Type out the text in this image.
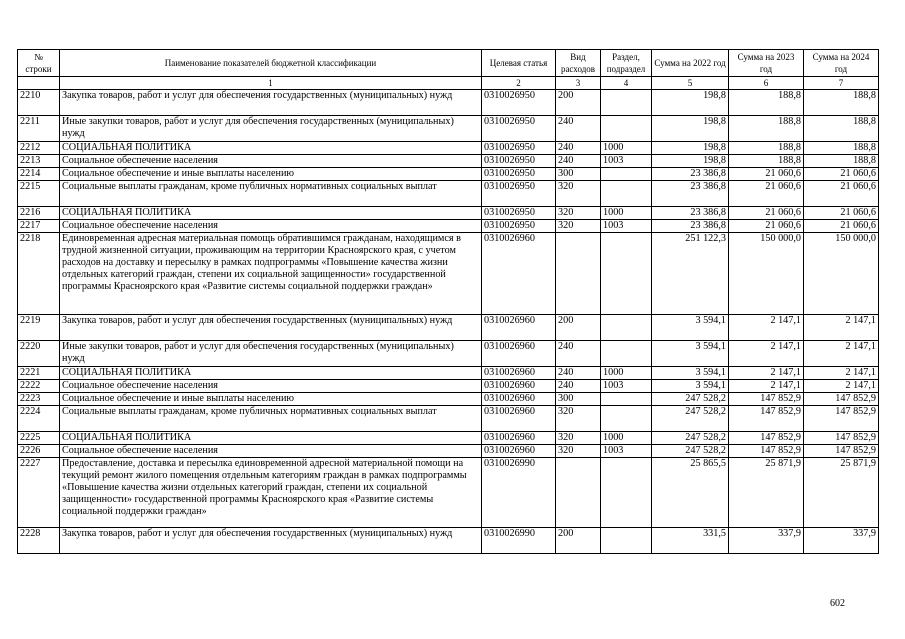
№ строки	Паименование показателей бюджетной классификации	Целевая статья	Вид расходов	Раздел, подраздел	Сумма на 2022 год	Сумма на 2023 год	Сумма на 2024 год
	1	2	3	4	5	6	7
2210	Закупка товаров, работ и услуг для обеспечения государственных (муниципальных) нужд	0310026950	200		198,8	188,8	188,8
2211	Иные закупки товаров, работ и услуг для обеспечения государственных (муниципальных) нужд	0310026950	240		198,8	188,8	188,8
2212	СОЦИАЛЬНАЯ ПОЛИТИКА	0310026950	240	1000	198,8	188,8	188,8
2213	Социальное обеспечение населения	0310026950	240	1003	198,8	188,8	188,8
2214	Социальное обеспечение и иные выплаты населению	0310026950	300		23 386,8	21 060,6	21 060,6
2215	Социальные выплаты гражданам, кроме публичных нормативных социальных выплат	0310026950	320		23 386,8	21 060,6	21 060,6
2216	СОЦИАЛЬНАЯ ПОЛИТИКА	0310026950	320	1000	23 386,8	21 060,6	21 060,6
2217	Социальное обеспечение населения	0310026950	320	1003	23 386,8	21 060,6	21 060,6
2218	Единовременная адресная материальная помощь обратившимся гражданам, находящимся в трудной жизненной ситуации, проживающим на территории Красноярского края, с учетом расходов на доставку и пересылку в рамках подпрограммы «Повышение качества жизни отдельных категорий граждан, степени их социальной защищенности» государственной программы Красноярского края «Развитие системы социальной поддержки граждан»	0310026960			251 122,3	150 000,0	150 000,0
2219	Закупка товаров, работ и услуг для обеспечения государственных (муниципальных) нужд	0310026960	200		3 594,1	2 147,1	2 147,1
2220	Иные закупки товаров, работ и услуг для обеспечения государственных (муниципальных) нужд	0310026960	240		3 594,1	2 147,1	2 147,1
2221	СОЦИАЛЬНАЯ ПОЛИТИКА	0310026960	240	1000	3 594,1	2 147,1	2 147,1
2222	Социальное обеспечение населения	0310026960	240	1003	3 594,1	2 147,1	2 147,1
2223	Социальное обеспечение и иные выплаты населению	0310026960	300		247 528,2	147 852,9	147 852,9
2224	Социальные выплаты гражданам, кроме публичных нормативных социальных выплат	0310026960	320		247 528,2	147 852,9	147 852,9
2225	СОЦИАЛЬНАЯ ПОЛИТИКА	0310026960	320	1000	247 528,2	147 852,9	147 852,9
2226	Социальное обеспечение населения	0310026960	320	1003	247 528,2	147 852,9	147 852,9
2227	Предоставление, доставка и пересылка единовременной адресной материальной помощи на текущий ремонт жилого помещения отдельным категориям граждан в рамках подпрограммы «Повышение качества жизни отдельных категорий граждан, степени их социальной защищенности» государственной программы Красноярского края «Развитие системы социальной поддержки граждан»	0310026990			25 865,5	25 871,9	25 871,9
2228	Закупка товаров, работ и услуг для обеспечения государственных (муниципальных) нужд	0310026990	200		331,5	337,9	337,9
602
